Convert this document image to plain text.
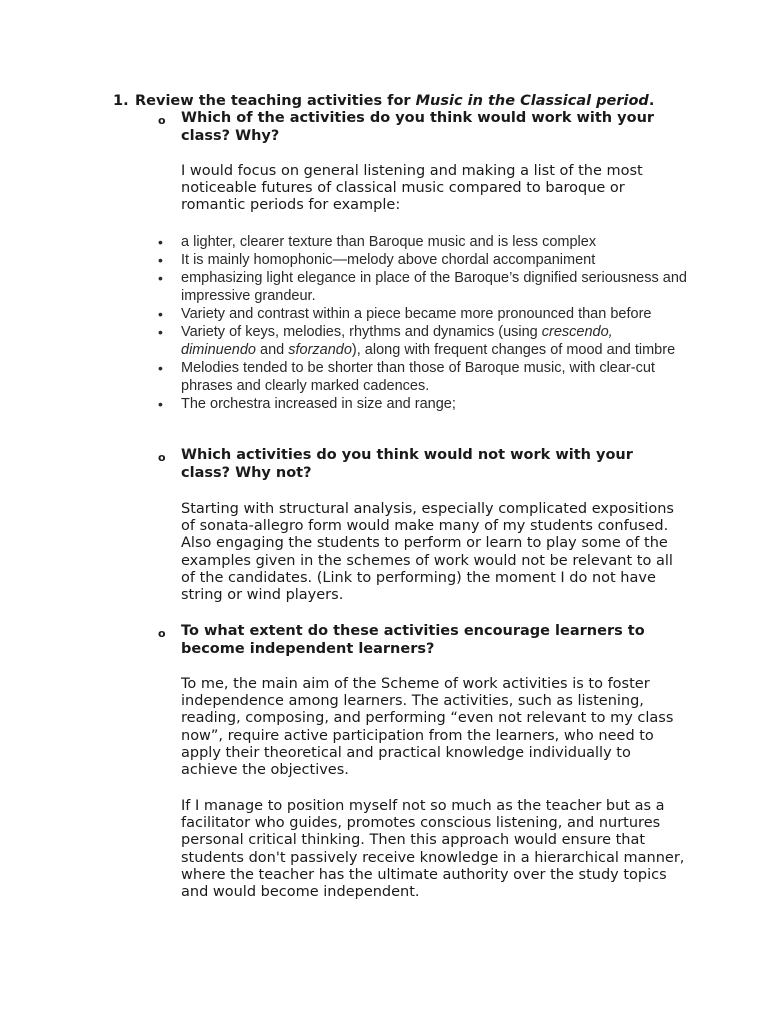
1. Review the teaching activities for Music in the Classical period.
o Which of the activities do you think would work with your class? Why?
I would focus on general listening and making a list of the most noticeable futures of classical music compared to baroque or romantic periods for example:
• a lighter, clearer texture than Baroque music and is less complex
• It is mainly homophonic—melody above chordal accompaniment
• emphasizing light elegance in place of the Baroque’s dignified seriousness and impressive grandeur.
• Variety and contrast within a piece became more pronounced than before
• Variety of keys, melodies, rhythms and dynamics (using crescendo, diminuendo and sforzando), along with frequent changes of mood and timbre
• Melodies tended to be shorter than those of Baroque music, with clear-cut phrases and clearly marked cadences.
• The orchestra increased in size and range;
o Which activities do you think would not work with your class? Why not?
Starting with structural analysis, especially complicated expositions of sonata-allegro form would make many of my students confused. Also engaging the students to perform or learn to play some of the examples given in the schemes of work would not be relevant to all of the candidates. (Link to performing) the moment I do not have string or wind players.
o To what extent do these activities encourage learners to become independent learners?
To me, the main aim of the Scheme of work activities is to foster independence among learners. The activities, such as listening, reading, composing, and performing “even not relevant to my class now”, require active participation from the learners, who need to apply their theoretical and practical knowledge individually to achieve the objectives.
If I manage to position myself not so much as the teacher but as a facilitator who guides, promotes conscious listening, and nurtures personal critical thinking. Then this approach would ensure that students don't passively receive knowledge in a hierarchical manner, where the teacher has the ultimate authority over the study topics and would become independent.
